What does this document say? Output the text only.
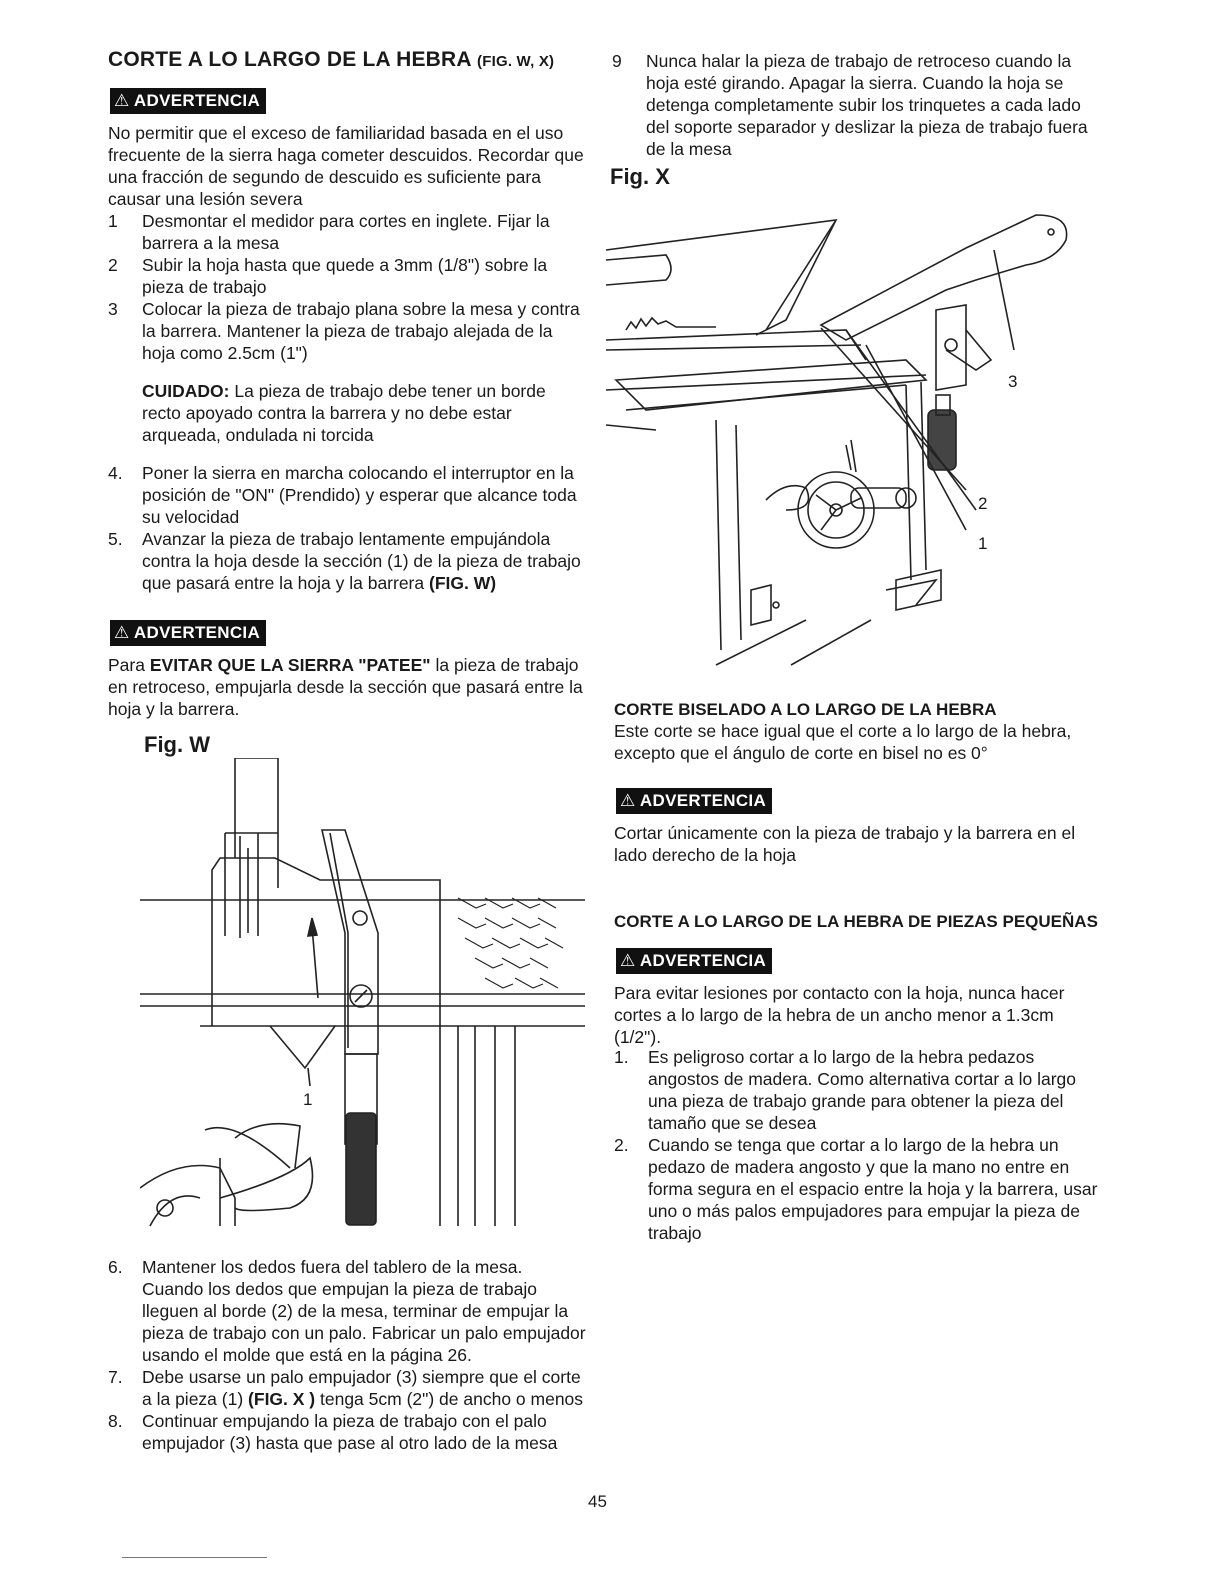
CORTE A LO LARGO DE LA HEBRA (FIG. W, X)
⚠ ADVERTENCIA

No permitir que el exceso de familiaridad basada en el uso frecuente de la sierra haga cometer descuidos. Recordar que una fracción de segundo de descuido es suficiente para causar una lesión severa

1 Desmontar el medidor para cortes en inglete. Fijar la barrera a la mesa
2 Subir la hoja hasta que quede a 3mm (1/8") sobre la pieza de trabajo
3 Colocar la pieza de trabajo plana sobre la mesa y contra la barrera. Mantener la pieza de trabajo alejada de la hoja como 2.5cm (1")

CUIDADO: La pieza de trabajo debe tener un borde recto apoyado contra la barrera y no debe estar arqueada, ondulada ni torcida

4. Poner la sierra en marcha colocando el interruptor en la posición de "ON" (Prendido) y esperar que alcance toda su velocidad
5. Avanzar la pieza de trabajo lentamente empujándola contra la hoja desde la sección (1) de la pieza de trabajo que pasará entre la hoja y la barrera (FIG. W)
⚠ ADVERTENCIA

Para EVITAR QUE LA SIERRA "PATEE" la pieza de trabajo en retroceso, empujarla desde la sección que pasará entre la hoja y la barrera.

Fig. W
1
6. Mantener los dedos fuera del tablero de la mesa. Cuando los dedos que empujan la pieza de trabajo lleguen al borde (2) de la mesa, terminar de empujar la pieza de trabajo con un palo. Fabricar un palo empujador usando el molde que está en la página 26.
7. Debe usarse un palo empujador (3) siempre que el corte a la pieza (1) (FIG. X ) tenga 5cm (2") de ancho o menos
8. Continuar empujando la pieza de trabajo con el palo empujador (3) hasta que pase al otro lado de la mesa
9 Nunca halar la pieza de trabajo de retroceso cuando la hoja esté girando. Apagar la sierra. Cuando la hoja se detenga completamente subir los trinquetes a cada lado del soporte separador y deslizar la pieza de trabajo fuera de la mesa
Fig. X
3
2
1
CORTE BISELADO A LO LARGO DE LA HEBRA

Este corte se hace igual que el corte a lo largo de la hebra, excepto que el ángulo de corte en bisel no es 0°

⚠ ADVERTENCIA

Cortar únicamente con la pieza de trabajo y la barrera en el lado derecho de la hoja

CORTE A LO LARGO DE LA HEBRA DE PIEZAS PEQUEÑAS
⚠ ADVERTENCIA

Para evitar lesiones por contacto con la hoja, nunca hacer cortes a lo largo de la hebra de un ancho menor a 1.3cm (1/2").

1. Es peligroso cortar a lo largo de la hebra pedazos angostos de madera. Como alternativa cortar a lo largo una pieza de trabajo grande para obtener la pieza del tamaño que se desea
2. Cuando se tenga que cortar a lo largo de la hebra un pedazo de madera angosto y que la mano no entre en forma segura en el espacio entre la hoja y la barrera, usar uno o más palos empujadores para empujar la pieza de trabajo
45
